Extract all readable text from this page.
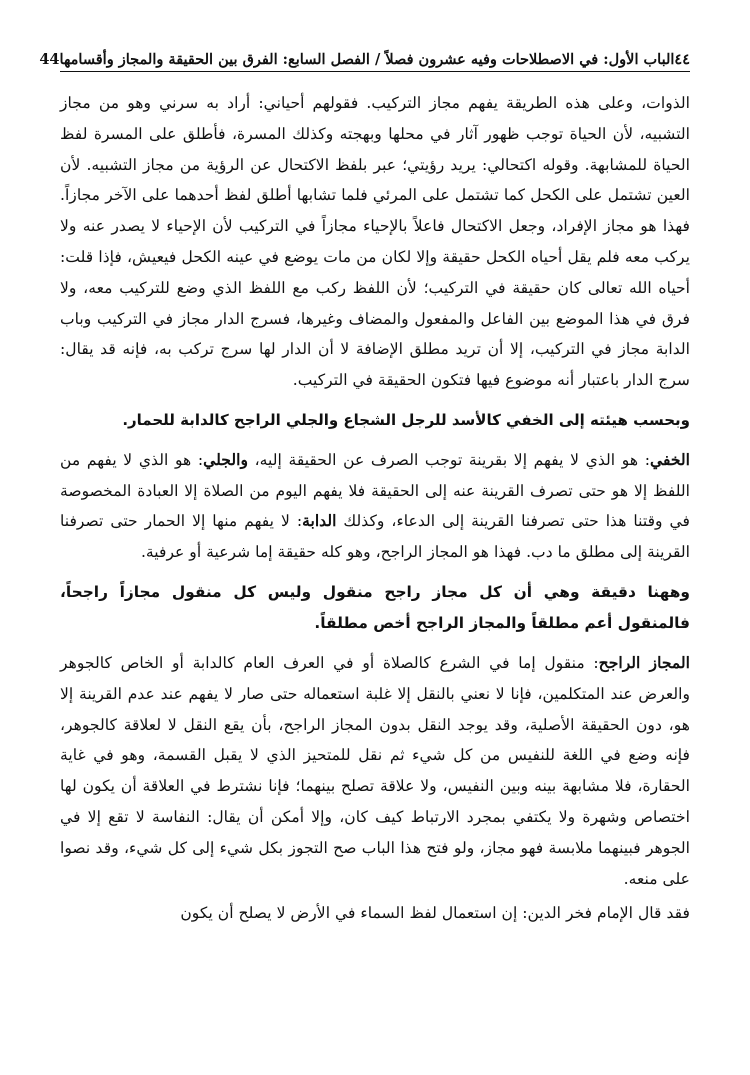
٤٤
الباب الأول: في الاصطلاحات وفيه عشرون فصلاً / الفصل السابع: الفرق بين الحقيقة والمجاز وأقسامها
44

الذوات، وعلى هذه الطريقة يفهم مجاز التركيب. فقولهم أحياني: أراد به سرني وهو من مجاز التشبيه، لأن الحياة توجب ظهور آثار في محلها وبهجته وكذلك المسرة، فأطلق على المسرة لفظ الحياة للمشابهة. وقوله اكتحالي: يريد رؤيتي؛ عبر بلفظ الاكتحال عن الرؤية من مجاز التشبيه. لأن العين تشتمل على الكحل كما تشتمل على المرئي فلما تشابها أطلق لفظ أحدهما على الآخر مجازاً. فهذا هو مجاز الإفراد، وجعل الاكتحال فاعلاً بالإحياء مجازاً في التركيب لأن الإحياء لا يصدر عنه ولا يركب معه فلم يقل أحياه الكحل حقيقة وإلا لكان من مات يوضع في عينه الكحل فيعيش، فإذا قلت: أحياه الله تعالى كان حقيقة في التركيب؛ لأن اللفظ ركب مع اللفظ الذي وضع للتركيب معه، ولا فرق في هذا الموضع بين الفاعل والمفعول والمضاف وغيرها، فسرج الدار مجاز في التركيب وباب الدابة مجاز في التركيب، إلا أن تريد مطلق الإضافة لا أن الدار لها سرج تركب به، فإنه قد يقال: سرج الدار باعتبار أنه موضوع فيها فتكون الحقيقة في التركيب.

وبحسب هيئته إلى الخفي كالأسد للرجل الشجاع والجلي الراجح كالدابة للحمار.

الخفي: هو الذي لا يفهم إلا بقرينة توجب الصرف عن الحقيقة إليه، والجلي: هو الذي لا يفهم من اللفظ إلا هو حتى تصرف القرينة عنه إلى الحقيقة فلا يفهم اليوم من الصلاة إلا العبادة المخصوصة في وقتنا هذا حتى تصرفنا القرينة إلى الدعاء، وكذلك الدابة: لا يفهم منها إلا الحمار حتى تصرفنا القرينة إلى مطلق ما دب. فهذا هو المجاز الراجح، وهو كله حقيقة إما شرعية أو عرفية.

وههنا دقيقة وهي أن كل مجاز راجح منقول وليس كل منقول مجازاً راجحاً، فالمنقول أعم مطلقاً والمجاز الراجح أخص مطلقاً.

المجاز الراجح: منقول إما في الشرع كالصلاة أو في العرف العام كالدابة أو الخاص كالجوهر والعرض عند المتكلمين، فإنا لا نعني بالنقل إلا غلبة استعماله حتى صار لا يفهم عند عدم القرينة إلا هو، دون الحقيقة الأصلية، وقد يوجد النقل بدون المجاز الراجح، بأن يقع النقل لا لعلاقة كالجوهر، فإنه وضع في اللغة للنفيس من كل شيء ثم نقل للمتحيز الذي لا يقبل القسمة، وهو في غاية الحقارة، فلا مشابهة بينه وبين النفيس، ولا علاقة تصلح بينهما؛ فإنا نشترط في العلاقة أن يكون لها اختصاص وشهرة ولا يكتفي بمجرد الارتباط كيف كان، وإلا أمكن أن يقال: النفاسة لا تقع إلا في الجوهر فبينهما ملابسة فهو مجاز، ولو فتح هذا الباب صح التجوز بكل شيء إلى كل شيء، وقد نصوا على منعه.

فقد قال الإمام فخر الدين: إن استعمال لفظ السماء في الأرض لا يصلح أن يكون
